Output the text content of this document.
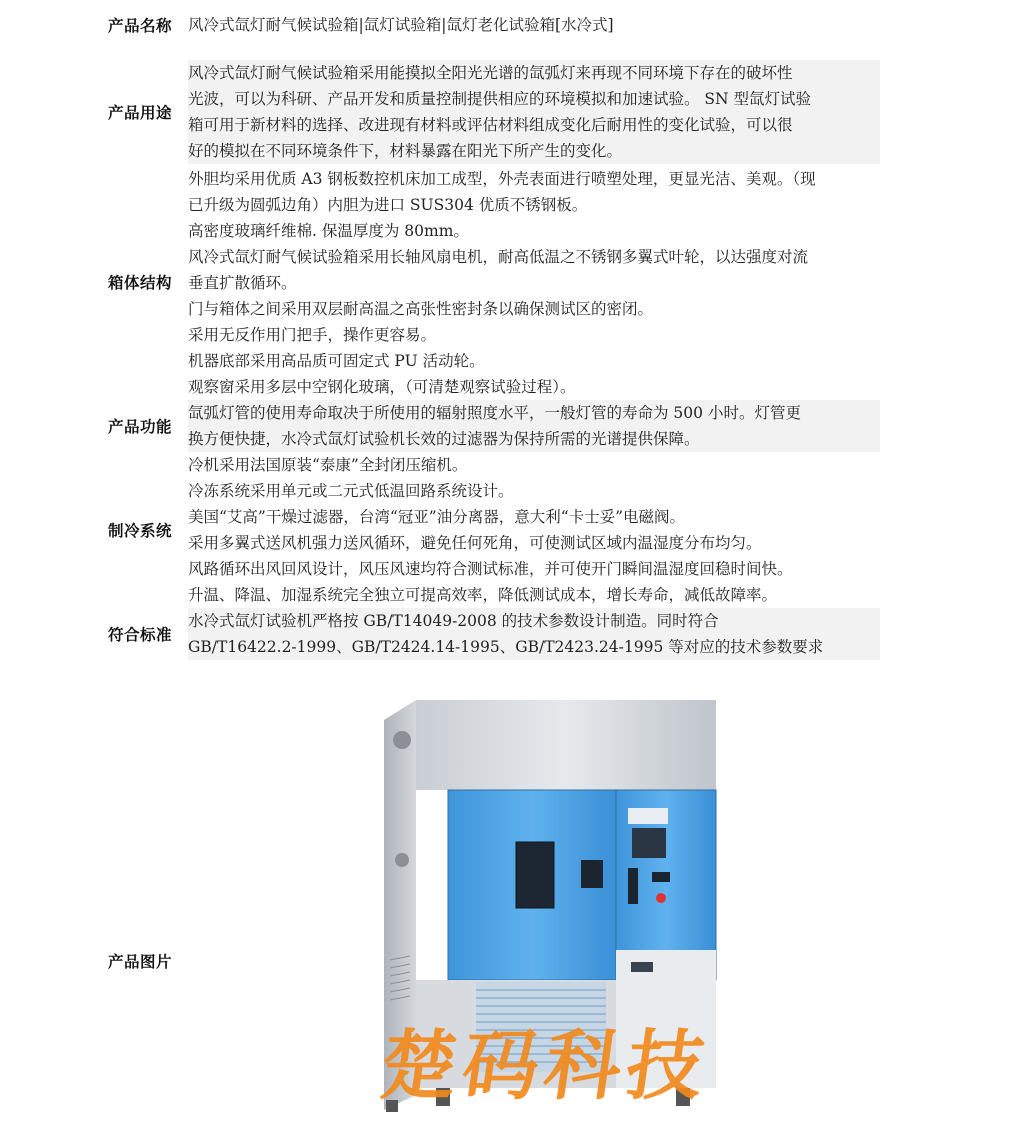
产品名称	风冷式氙灯耐气候试验箱|氙灯试验箱|氙灯老化试验箱[水冷式]
产品用途

风冷式氙灯耐气候试验箱采用能摸拟全阳光光谱的氙弧灯来再现不同环境下存在的破坏性

光波，可以为科研、产品开发和质量控制提供相应的环境模拟和加速试验。 SN 型氙灯试验

箱可用于新材料的选择、改进现有材料或评估材料组成变化后耐用性的变化试验，可以很

好的模拟在不同环境条件下，材料暴露在阳光下所产生的变化。

箱体结构

外胆均采用优质 A3 钢板数控机床加工成型，外壳表面进行喷塑处理，更显光洁、美观。（现

已升级为圆弧边角）内胆为进口 SUS304 优质不锈钢板。

高密度玻璃纤维棉. 保温厚度为 80mm。

风冷式氙灯耐气候试验箱采用长轴风扇电机，耐高低温之不锈钢多翼式叶轮，以达强度对流

垂直扩散循环。

门与箱体之间采用双层耐高温之高张性密封条以确保测试区的密闭。

采用无反作用门把手，操作更容易。

机器底部采用高品质可固定式 PU 活动轮。

观察窗采用多层中空钢化玻璃，（可清楚观察试验过程）。

产品功能

氙弧灯管的使用寿命取决于所使用的辐射照度水平，一般灯管的寿命为 500 小时。灯管更

换方便快捷，水冷式氙灯试验机长效的过滤器为保持所需的光谱提供保障。

制冷系统

冷机采用法国原装“泰康”全封闭压缩机。

冷冻系统采用单元或二元式低温回路系统设计。

美国“艾高”干燥过滤器，台湾“冠亚”油分离器，意大利“卡士妥”电磁阀。

采用多翼式送风机强力送风循环，避免任何死角，可使测试区域内温湿度分布均匀。

风路循环出风回风设计，风压风速均符合测试标准，并可使开门瞬间温湿度回稳时间快。

升温、降温、加湿系统完全独立可提高效率，降低测试成本，增长寿命，减低故障率。

符合标准

水冷式氙灯试验机严格按 GB/T14049-2008 的技术参数设计制造。同时符合

GB/T16422.2-1999、GB/T2424.14-1995、GB/T2423.24-1995 等对应的技术参数要求

产品图片
楚码科技
